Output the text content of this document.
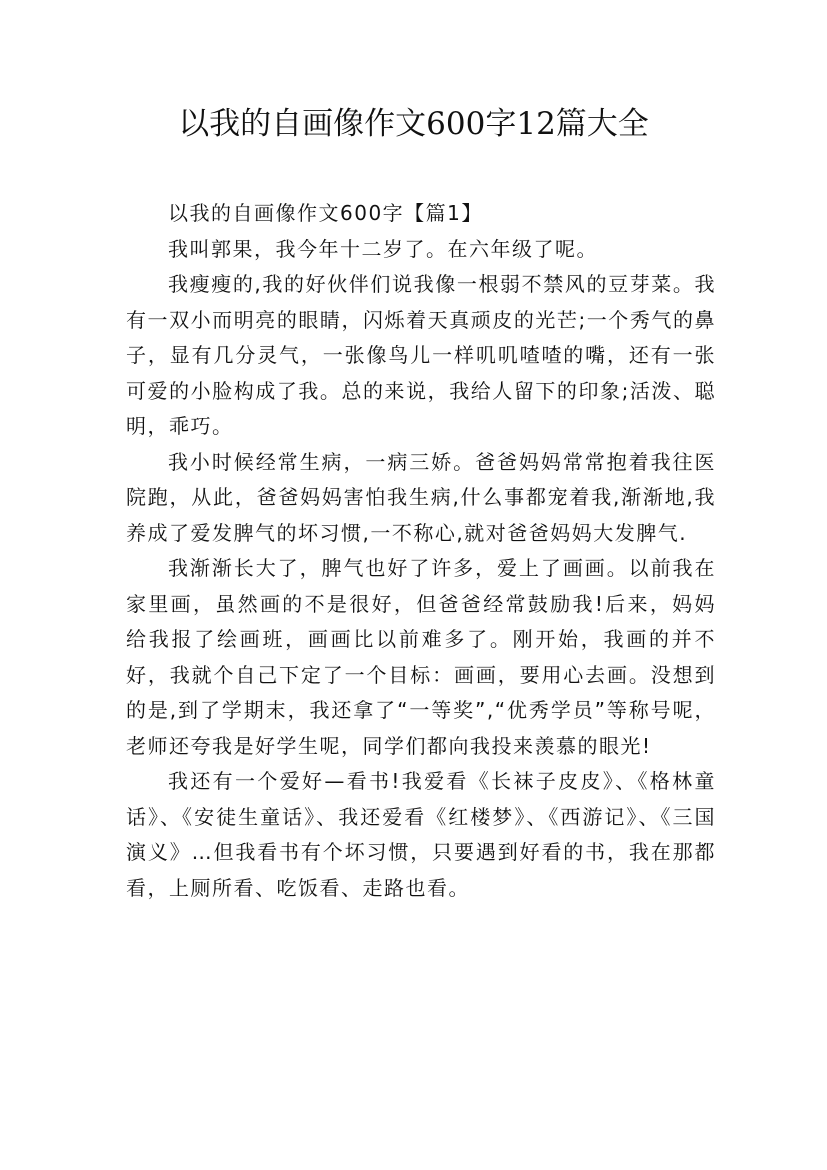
以我的自画像作文600字12篇大全

以我的自画像作文600字【篇1】

我叫郭果，我今年十二岁了。在六年级了呢。

我瘦瘦的,我的好伙伴们说我像一根弱不禁风的豆芽菜。我有一双小而明亮的眼睛，闪烁着天真顽皮的光芒;一个秀气的鼻子，显有几分灵气，一张像鸟儿一样叽叽喳喳的嘴，还有一张可爱的小脸构成了我。总的来说，我给人留下的印象;活泼、聪明，乖巧。

我小时候经常生病，一病三娇。爸爸妈妈常常抱着我往医院跑，从此，爸爸妈妈害怕我生病,什么事都宠着我,渐渐地,我养成了爱发脾气的坏习惯,一不称心,就对爸爸妈妈大发脾气.

我渐渐长大了，脾气也好了许多，爱上了画画。以前我在家里画，虽然画的不是很好，但爸爸经常鼓励我!后来，妈妈给我报了绘画班，画画比以前难多了。刚开始，我画的并不好，我就个自己下定了一个目标：画画，要用心去画。没想到的是,到了学期末，我还拿了“一等奖”,“优秀学员”等称号呢，老师还夸我是好学生呢，同学们都向我投来羡慕的眼光!

我还有一个爱好—看书!我爱看《长袜子皮皮》、《格林童话》、《安徒生童话》、我还爱看《红楼梦》、《西游记》、《三国演义》…但我看书有个坏习惯，只要遇到好看的书，我在那都看，上厕所看、吃饭看、走路也看。
